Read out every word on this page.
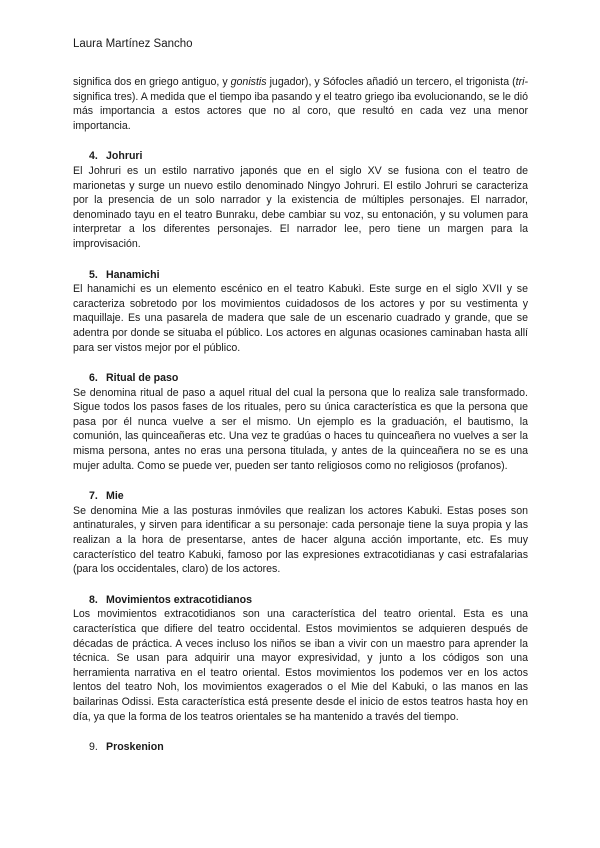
Laura Martínez Sancho

significa dos en griego antiguo, y gonistis jugador), y Sófocles añadió un tercero, el trigonista (tri- significa tres). A medida que el tiempo iba pasando y el teatro griego iba evolucionando, se le dió más importancia a estos actores que no al coro, que resultó en cada vez una menor importancia.

4. Johruri

El Johruri es un estilo narrativo japonés que en el siglo XV se fusiona con el teatro de marionetas y surge un nuevo estilo denominado Ningyo Johruri. El estilo Johruri se caracteriza por la presencia de un solo narrador y la existencia de múltiples personajes. El narrador, denominado tayu en el teatro Bunraku, debe cambiar su voz, su entonación, y su volumen para interpretar a los diferentes personajes. El narrador lee, pero tiene un margen para la improvisación.

5. Hanamichi

El hanamichi es un elemento escénico en el teatro Kabukì. Este surge en el siglo XVII y se caracteriza sobretodo por los movimientos cuidadosos de los actores y por su vestimenta y maquillaje. Es una pasarela de madera que sale de un escenario cuadrado y grande, que se adentra por donde se situaba el público. Los actores en algunas ocasiones caminaban hasta allí para ser vistos mejor por el público.

6. Ritual de paso

Se denomina ritual de paso a aquel ritual del cual la persona que lo realiza sale transformado. Sigue todos los pasos fases de los rituales, pero su única característica es que la persona que pasa por él nunca vuelve a ser el mismo. Un ejemplo es la graduación, el bautismo, la comunión, las quinceañeras etc. Una vez te gradúas o haces tu quinceañera no vuelves a ser la misma persona, antes no eras una persona titulada, y antes de la quinceañera no se es una mujer adulta. Como se puede ver, pueden ser tanto religiosos como no religiosos (profanos).

7. Mie

Se denomina Mie a las posturas inmóviles que realizan los actores Kabuki. Estas poses son antinaturales, y sirven para identificar a su personaje: cada personaje tiene la suya propia y las realizan a la hora de presentarse, antes de hacer alguna acción importante, etc. Es muy característico del teatro Kabuki, famoso por las expresiones extracotidianas y casi estrafalarias (para los occidentales, claro) de los actores.

8. Movimientos extracotidianos

Los movimientos extracotidianos son una característica del teatro oriental. Esta es una característica que difiere del teatro occidental. Estos movimientos se adquieren después de décadas de práctica. A veces incluso los niños se iban a vivir con un maestro para aprender la técnica. Se usan para adquirir una mayor expresividad, y junto a los códigos son una herramienta narrativa en el teatro oriental. Estos movimientos los podemos ver en los actos lentos del teatro Noh, los movimientos exagerados o el Mie del Kabuki, o las manos en las bailarinas Odissi. Esta característica está presente desde el inicio de estos teatros hasta hoy en día, ya que la forma de los teatros orientales se ha mantenido a través del tiempo.

9. Proskenion
